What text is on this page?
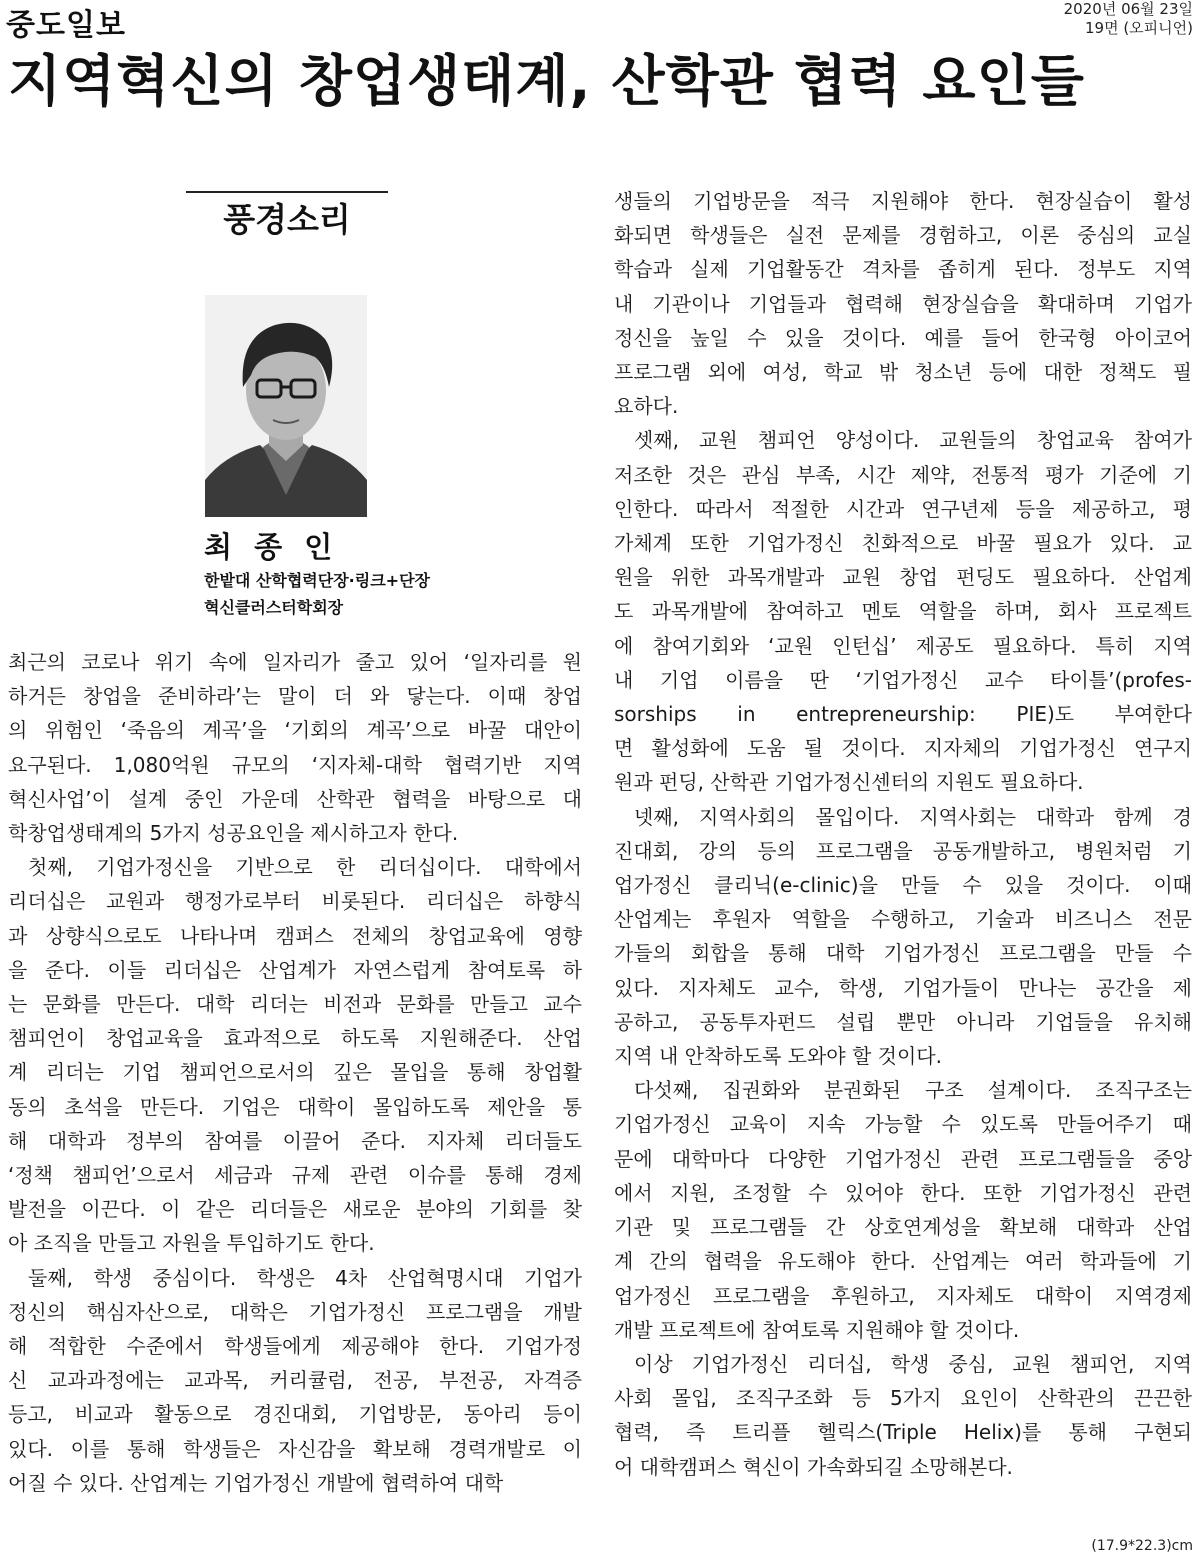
중도일보	2020년 06월 23일
19면 (오피니언)
지역혁신의 창업생태계, 산학관 협력 요인들
풍경소리
최 종 인
한밭대 산학협력단장·링크+단장
혁신클러스터학회장

최근의 코로나 위기 속에 일자리가 줄고 있어 ‘일자리를 원

하거든 창업을 준비하라’는 말이 더 와 닿는다. 이때 창업

의 위험인 ‘죽음의 계곡’을 ‘기회의 계곡’으로 바꿀 대안이

요구된다. 1,080억원 규모의 ‘지자체-대학 협력기반 지역

혁신사업’이 설계 중인 가운데 산학관 협력을 바탕으로 대

학창업생태계의 5가지 성공요인을 제시하고자 한다.

첫째, 기업가정신을 기반으로 한 리더십이다. 대학에서

리더십은 교원과 행정가로부터 비롯된다. 리더십은 하향식

과 상향식으로도 나타나며 캠퍼스 전체의 창업교육에 영향

을 준다. 이들 리더십은 산업계가 자연스럽게 참여토록 하

는 문화를 만든다. 대학 리더는 비전과 문화를 만들고 교수

챔피언이 창업교육을 효과적으로 하도록 지원해준다. 산업

계 리더는 기업 챔피언으로서의 깊은 몰입을 통해 창업활

동의 초석을 만든다. 기업은 대학이 몰입하도록 제안을 통

해 대학과 정부의 참여를 이끌어 준다. 지자체 리더들도

‘정책 챔피언’으로서 세금과 규제 관련 이슈를 통해 경제

발전을 이끈다. 이 같은 리더들은 새로운 분야의 기회를 찾

아 조직을 만들고 자원을 투입하기도 한다.

둘째, 학생 중심이다. 학생은 4차 산업혁명시대 기업가

정신의 핵심자산으로, 대학은 기업가정신 프로그램을 개발

해 적합한 수준에서 학생들에게 제공해야 한다. 기업가정

신 교과과정에는 교과목, 커리큘럼, 전공, 부전공, 자격증

등고, 비교과 활동으로 경진대회, 기업방문, 동아리 등이

있다. 이를 통해 학생들은 자신감을 확보해 경력개발로 이

어질 수 있다. 산업계는 기업가정신 개발에 협력하여 대학

생들의 기업방문을 적극 지원해야 한다. 현장실습이 활성

화되면 학생들은 실전 문제를 경험하고, 이론 중심의 교실

학습과 실제 기업활동간 격차를 좁히게 된다. 정부도 지역

내 기관이나 기업들과 협력해 현장실습을 확대하며 기업가

정신을 높일 수 있을 것이다. 예를 들어 한국형 아이코어

프로그램 외에 여성, 학교 밖 청소년 등에 대한 정책도 필

요하다.

셋째, 교원 챔피언 양성이다. 교원들의 창업교육 참여가

저조한 것은 관심 부족, 시간 제약, 전통적 평가 기준에 기

인한다. 따라서 적절한 시간과 연구년제 등을 제공하고, 평

가체계 또한 기업가정신 친화적으로 바꿀 필요가 있다. 교

원을 위한 과목개발과 교원 창업 펀딩도 필요하다. 산업계

도 과목개발에 참여하고 멘토 역할을 하며, 회사 프로젝트

에 참여기회와 ‘교원 인턴십’ 제공도 필요하다. 특히 지역

내 기업 이름을 딴 ‘기업가정신 교수 타이틀’(profes-

sorships in entrepreneurship: PIE)도 부여한다

면 활성화에 도움 될 것이다. 지자체의 기업가정신 연구지

원과 펀딩, 산학관 기업가정신센터의 지원도 필요하다.

넷째, 지역사회의 몰입이다. 지역사회는 대학과 함께 경

진대회, 강의 등의 프로그램을 공동개발하고, 병원처럼 기

업가정신 클리닉(e-clinic)을 만들 수 있을 것이다. 이때

산업계는 후원자 역할을 수행하고, 기술과 비즈니스 전문

가들의 회합을 통해 대학 기업가정신 프로그램을 만들 수

있다. 지자체도 교수, 학생, 기업가들이 만나는 공간을 제

공하고, 공동투자펀드 설립 뿐만 아니라 기업들을 유치해

지역 내 안착하도록 도와야 할 것이다.

다섯째, 집권화와 분권화된 구조 설계이다. 조직구조는

기업가정신 교육이 지속 가능할 수 있도록 만들어주기 때

문에 대학마다 다양한 기업가정신 관련 프로그램들을 중앙

에서 지원, 조정할 수 있어야 한다. 또한 기업가정신 관련

기관 및 프로그램들 간 상호연계성을 확보해 대학과 산업

계 간의 협력을 유도해야 한다. 산업계는 여러 학과들에 기

업가정신 프로그램을 후원하고, 지자체도 대학이 지역경제

개발 프로젝트에 참여토록 지원해야 할 것이다.

이상 기업가정신 리더십, 학생 중심, 교원 챔피언, 지역

사회 몰입, 조직구조화 등 5가지 요인이 산학관의 끈끈한

협력, 즉 트리플 헬릭스(Triple Helix)를 통해 구현되

어 대학캠퍼스 혁신이 가속화되길 소망해본다.

(17.9*22.3)cm
